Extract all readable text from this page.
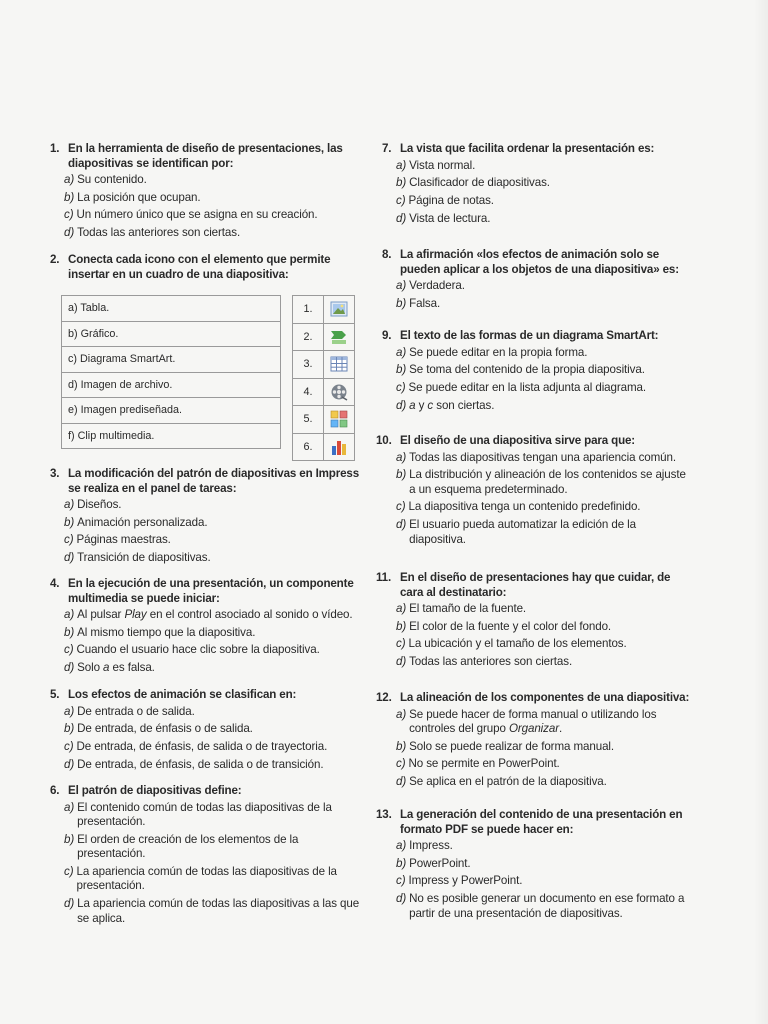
1. En la herramienta de diseño de presentaciones, las diapositivas se identifican por:
a) Su contenido.
b) La posición que ocupan.
c) Un número único que se asigna en su creación.
d) Todas las anteriores son ciertas.
2. Conecta cada icono con el elemento que permite insertar en un cuadro de una diapositiva:
a) Tabla.
b) Gráfico.
c) Diagrama SmartArt.
d) Imagen de archivo.
e) Imagen prediseñada.
f) Clip multimedia.
1.	
2.	
3.	
4.	
5.	
6.	
3. La modificación del patrón de diapositivas en Impress se realiza en el panel de tareas:
a) Diseños.
b) Animación personalizada.
c) Páginas maestras.
d) Transición de diapositivas.
4. En la ejecución de una presentación, un componente multimedia se puede iniciar:
a) Al pulsar Play en el control asociado al sonido o vídeo.
b) Al mismo tiempo que la diapositiva.
c) Cuando el usuario hace clic sobre la diapositiva.
d) Solo a es falsa.
5. Los efectos de animación se clasifican en:
a) De entrada o de salida.
b) De entrada, de énfasis o de salida.
c) De entrada, de énfasis, de salida o de trayectoria.
d) De entrada, de énfasis, de salida o de transición.
6. El patrón de diapositivas define:
a) El contenido común de todas las diapositivas de la presentación.
b) El orden de creación de los elementos de la presentación.
c) La apariencia común de todas las diapositivas de la presentación.
d) La apariencia común de todas las diapositivas a las que se aplica.
7. La vista que facilita ordenar la presentación es:
a) Vista normal.
b) Clasificador de diapositivas.
c) Página de notas.
d) Vista de lectura.
8. La afirmación «los efectos de animación solo se pueden aplicar a los objetos de una diapositiva» es:
a) Verdadera.
b) Falsa.
9. El texto de las formas de un diagrama SmartArt:
a) Se puede editar en la propia forma.
b) Se toma del contenido de la propia diapositiva.
c) Se puede editar en la lista adjunta al diagrama.
d) a y c son ciertas.
10. El diseño de una diapositiva sirve para que:
a) Todas las diapositivas tengan una apariencia común.
b) La distribución y alineación de los contenidos se ajuste a un esquema predeterminado.
c) La diapositiva tenga un contenido predefinido.
d) El usuario pueda automatizar la edición de la diapositiva.
11. En el diseño de presentaciones hay que cuidar, de cara al destinatario:
a) El tamaño de la fuente.
b) El color de la fuente y el color del fondo.
c) La ubicación y el tamaño de los elementos.
d) Todas las anteriores son ciertas.
12. La alineación de los componentes de una diapositiva:
a) Se puede hacer de forma manual o utilizando los controles del grupo Organizar.
b) Solo se puede realizar de forma manual.
c) No se permite en PowerPoint.
d) Se aplica en el patrón de la diapositiva.
13. La generación del contenido de una presentación en formato PDF se puede hacer en:
a) Impress.
b) PowerPoint.
c) Impress y PowerPoint.
d) No es posible generar un documento en ese formato a partir de una presentación de diapositivas.
